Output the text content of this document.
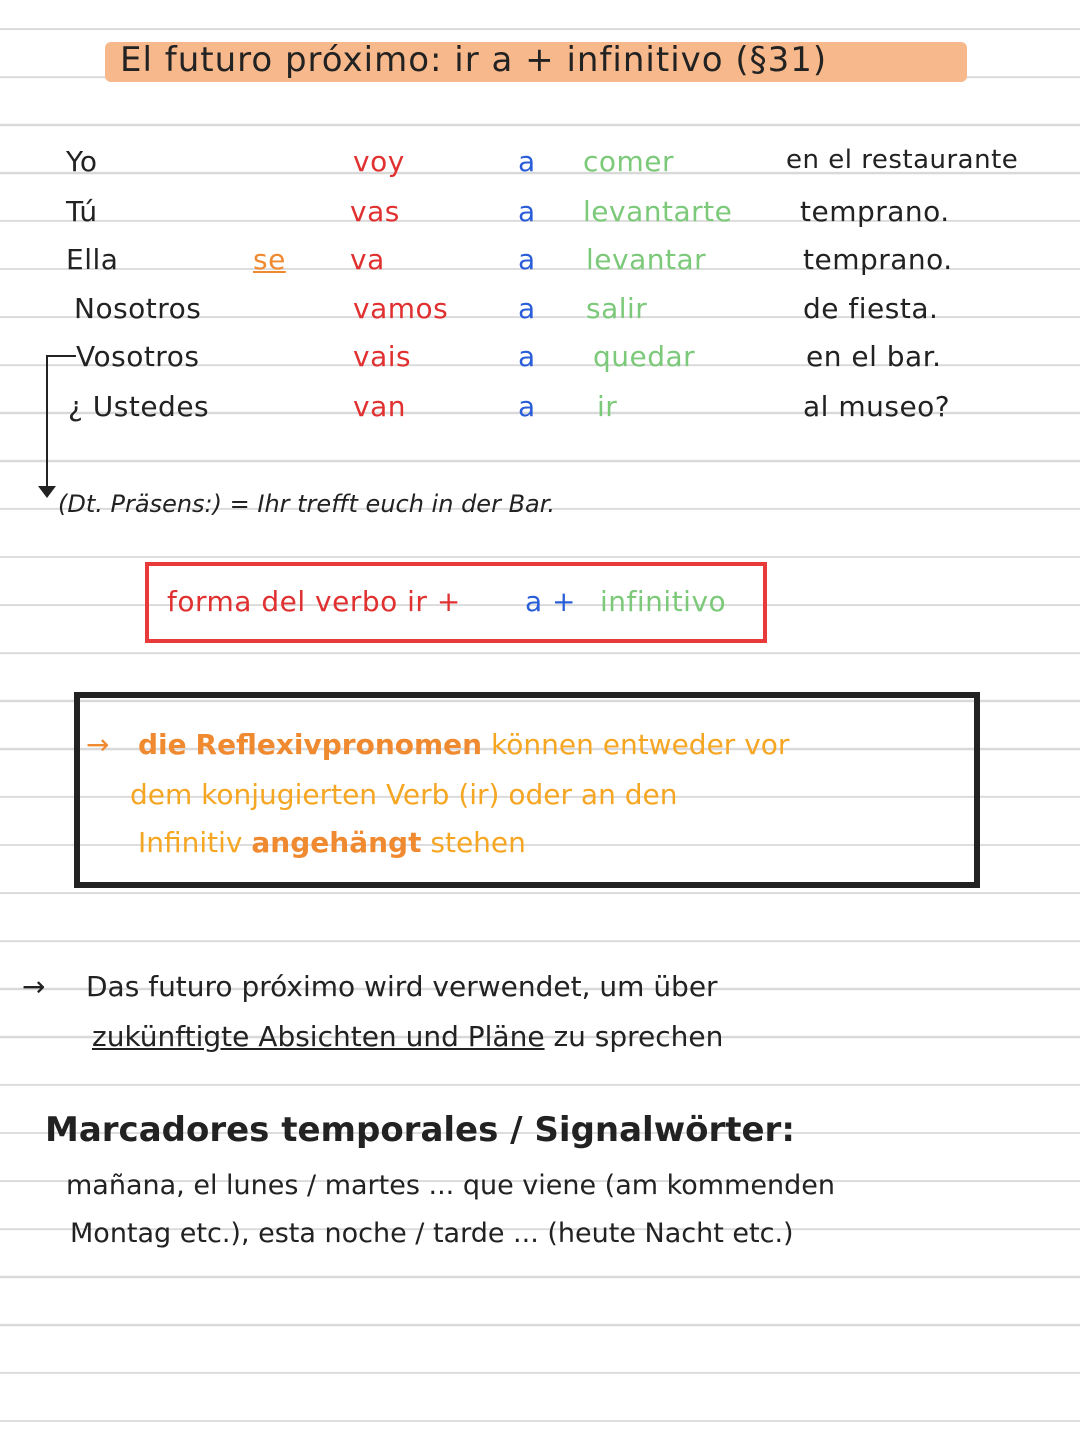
El futuro próximo: ir a + infinitivo (§31)
Yo	voy	a comer	en el restaurante
Tú	vas	a levantarte temprano.
Ella	se va	a levantar	temprano.
Nosotros	vamos a salir	de fiesta.
Vosotros	vais	a quedar	en el bar.
¿ Ustedes	van	a ir	al museo?
(Dt. Präsens:) = Ihr trefft euch in der Bar.
forma del verbo ir + a + infinitivo
→ die Reflexivpronomen können entweder vor
dem konjugierten Verb (ir) oder an den
Infinitiv angehängt stehen
→ Das futuro próximo wird verwendet, um über
zukünftigte Absichten und Pläne zu sprechen
Marcadores temporales / Signalwörter:
mañana, el lunes / martes ... que viene (am kommenden
Montag etc.), esta noche / tarde ... (heute Nacht etc.)
